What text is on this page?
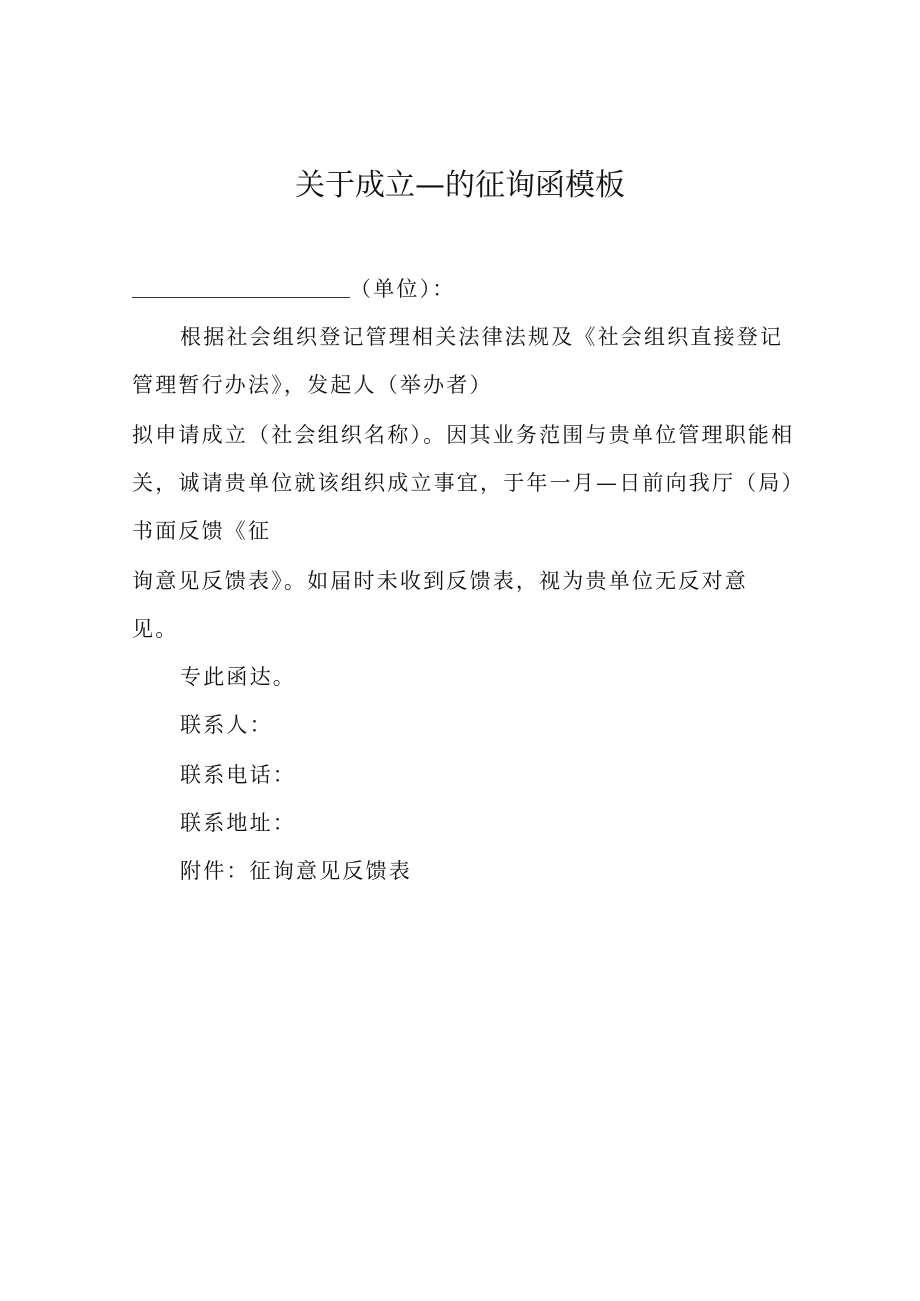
关于成立—的征询函模板
（单位）：
根据社会组织登记管理相关法律法规及《社会组织直接登记
管理暂行办法》，发起人（举办者）
拟申请成立（社会组织名称）。因其业务范围与贵单位管理职能相
关，诚请贵单位就该组织成立事宜，于年一月—日前向我厅（局）
书面反馈《征
询意见反馈表》。如届时未收到反馈表，视为贵单位无反对意
见。
专此函达。
联系人：
联系电话：
联系地址：
附件：征询意见反馈表
